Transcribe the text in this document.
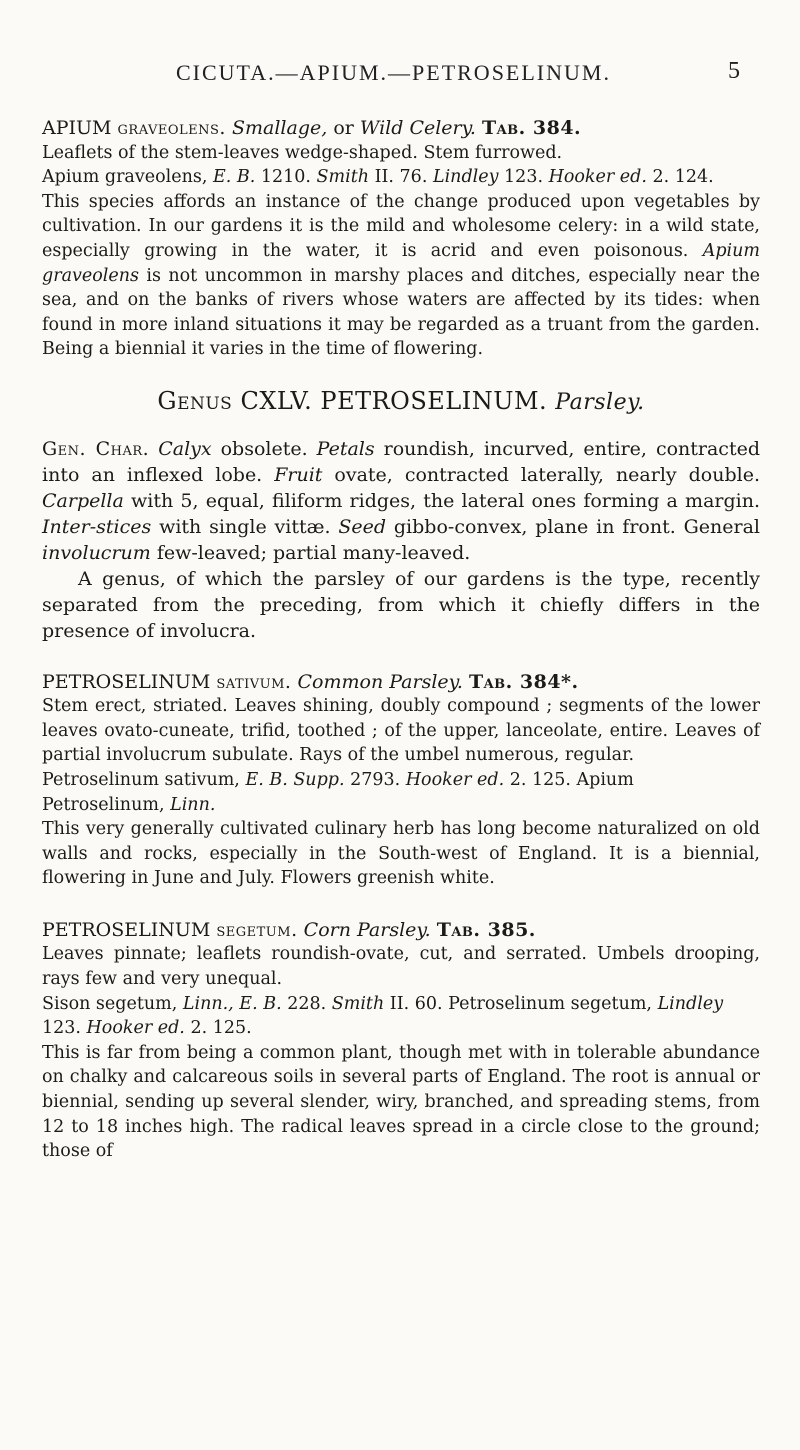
CICUTA.—APIUM.—PETROSELINUM.	5

APIUM graveolens. Smallage, or Wild Celery. Tab. 384.

Leaflets of the stem-leaves wedge-shaped. Stem furrowed.

Apium graveolens, E. B. 1210. Smith II. 76. Lindley 123. Hooker ed. 2. 124.

This species affords an instance of the change produced upon vegetables by cultivation. In our gardens it is the mild and wholesome celery: in a wild state, especially growing in the water, it is acrid and even poisonous. Apium graveolens is not uncommon in marshy places and ditches, especially near the sea, and on the banks of rivers whose waters are affected by its tides: when found in more inland situations it may be regarded as a truant from the garden. Being a biennial it varies in the time of flowering.

Genus CXLV. PETROSELINUM. Parsley.

Gen. Char. Calyx obsolete. Petals roundish, incurved, entire, contracted into an inflexed lobe. Fruit ovate, contracted laterally, nearly double. Carpella with 5, equal, filiform ridges, the lateral ones forming a margin. Inter-stices with single vittæ. Seed gibbo-convex, plane in front. General involucrum few-leaved; partial many-leaved.

A genus, of which the parsley of our gardens is the type, recently separated from the preceding, from which it chiefly differs in the presence of involucra.

PETROSELINUM sativum. Common Parsley. Tab. 384*.

Stem erect, striated. Leaves shining, doubly compound ; segments of the lower leaves ovato-cuneate, trifid, toothed ; of the upper, lanceolate, entire. Leaves of partial involucrum subulate. Rays of the umbel numerous, regular.

Petroselinum sativum, E. B. Supp. 2793. Hooker ed. 2. 125. Apium Petroselinum, Linn.

This very generally cultivated culinary herb has long become naturalized on old walls and rocks, especially in the South-west of England. It is a biennial, flowering in June and July. Flowers greenish white.

PETROSELINUM segetum. Corn Parsley. Tab. 385.

Leaves pinnate; leaflets roundish-ovate, cut, and serrated. Umbels drooping, rays few and very unequal.

Sison segetum, Linn., E. B. 228. Smith II. 60. Petroselinum segetum, Lindley 123. Hooker ed. 2. 125.

This is far from being a common plant, though met with in tolerable abundance on chalky and calcareous soils in several parts of England. The root is annual or biennial, sending up several slender, wiry, branched, and spreading stems, from 12 to 18 inches high. The radical leaves spread in a circle close to the ground; those of
